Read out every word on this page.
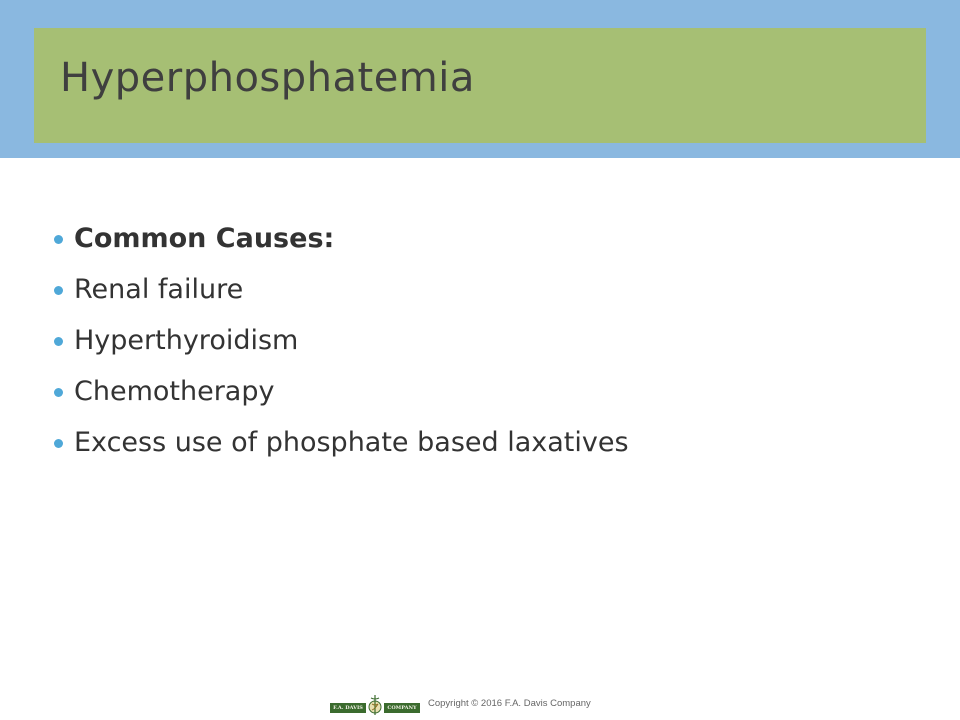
Hyperphosphatemia
Common Causes:
Renal failure
Hyperthyroidism
Chemotherapy
Excess use of phosphate based laxatives
F.A. DAVIS	COMPANY	Copyright © 2016 F.A. Davis Company
